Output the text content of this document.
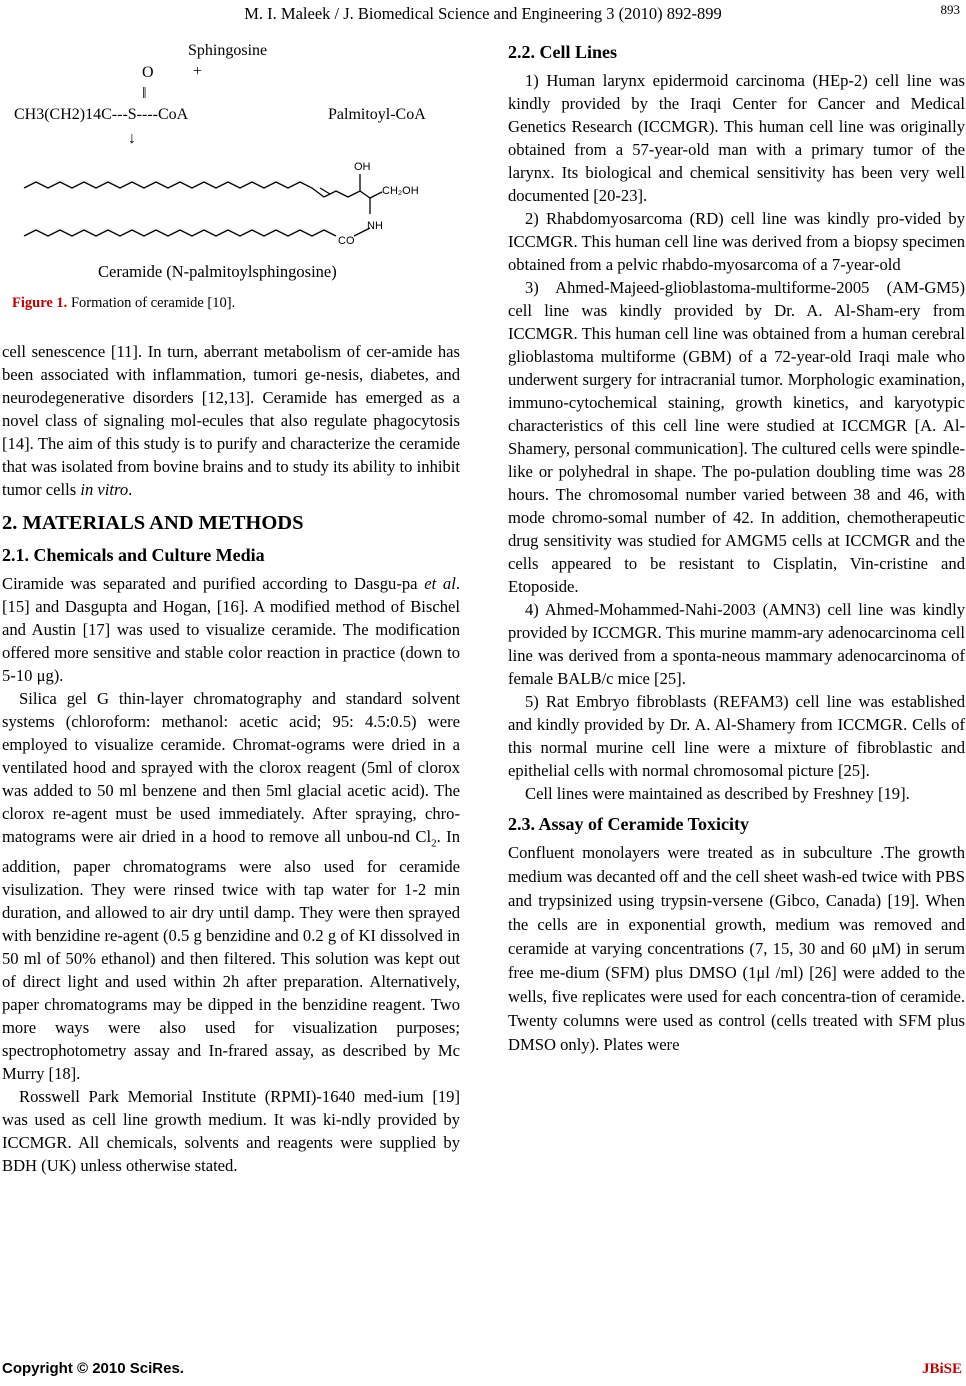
M. I. Maleek / J. Biomedical Science and Engineering 3 (2010) 892-899	893
Sphingosine
O +
‖
CH3(CH2)14C---S----CoA	Palmitoyl-CoA
↓
OH
CH₂OH
NH
CO
Ceramide (N-palmitoylsphingosine)
Figure 1. Formation of ceramide [10].

cell senescence [11]. In turn, aberrant metabolism of cer-amide has been associated with inflammation, tumori ge-nesis, diabetes, and neurodegenerative disorders [12,13]. Ceramide has emerged as a novel class of signaling mol-ecules that also regulate phagocytosis [14]. The aim of this study is to purify and characterize the ceramide that was isolated from bovine brains and to study its ability to inhibit tumor cells in vitro.

2. MATERIALS AND METHODS
2.1. Chemicals and Culture Media

Ciramide was separated and purified according to Dasgu-pa et al. [15] and Dasgupta and Hogan, [16]. A modified method of Bischel and Austin [17] was used to visualize ceramide. The modification offered more sensitive and stable color reaction in practice (down to 5-10 μg).

Silica gel G thin-layer chromatography and standard solvent systems (chloroform: methanol: acetic acid; 95: 4.5:0.5) were employed to visualize ceramide. Chromat-ograms were dried in a ventilated hood and sprayed with the clorox reagent (5ml of clorox was added to 50 ml benzene and then 5ml glacial acetic acid). The clorox re-agent must be used immediately. After spraying, chro-matograms were air dried in a hood to remove all unbou-nd $Cl_2$. In addition, paper chromatograms were also used for ceramide visulization. They were rinsed twice with tap water for 1-2 min duration, and allowed to air dry until damp. They were then sprayed with benzidine re-agent (0.5 g benzidine and 0.2 g of KI dissolved in 50 ml of 50% ethanol) and then filtered. This solution was kept out of direct light and used within 2h after preparation. Alternatively, paper chromatograms may be dipped in the benzidine reagent. Two more ways were also used for visualization purposes; spectrophotometry assay and In-frared assay, as described by Mc Murry [18].

Rosswell Park Memorial Institute (RPMI)-1640 med-ium [19] was used as cell line growth medium. It was ki-ndly provided by ICCMGR. All chemicals, solvents and reagents were supplied by BDH (UK) unless otherwise stated.

2.2. Cell Lines

1) Human larynx epidermoid carcinoma (HEp-2) cell line was kindly provided by the Iraqi Center for Cancer and Medical Genetics Research (ICCMGR). This human cell line was originally obtained from a 57-year-old man with a primary tumor of the larynx. Its biological and chemical sensitivity has been very well documented [20-23].

2) Rhabdomyosarcoma (RD) cell line was kindly pro-vided by ICCMGR. This human cell line was derived from a biopsy specimen obtained from a pelvic rhabdo-myosarcoma of a 7-year-old

3) Ahmed-Majeed-glioblastoma-multiforme-2005 (AM-GM5) cell line was kindly provided by Dr. A. Al-Sham-ery from ICCMGR. This human cell line was obtained from a human cerebral glioblastoma multiforme (GBM) of a 72-year-old Iraqi male who underwent surgery for intracranial tumor. Morphologic examination, immuno-cytochemical staining, growth kinetics, and karyotypic characteristics of this cell line were studied at ICCMGR [A. Al-Shamery, personal communication]. The cultured cells were spindle-like or polyhedral in shape. The po-pulation doubling time was 28 hours. The chromosomal number varied between 38 and 46, with mode chromo-somal number of 42. In addition, chemotherapeutic drug sensitivity was studied for AMGM5 cells at ICCMGR and the cells appeared to be resistant to Cisplatin, Vin-cristine and Etoposide.

4) Ahmed-Mohammed-Nahi-2003 (AMN3) cell line was kindly provided by ICCMGR. This murine mamm-ary adenocarcinoma cell line was derived from a sponta-neous mammary adenocarcinoma of female BALB/c mice [25].

5) Rat Embryo fibroblasts (REFAM3) cell line was established and kindly provided by Dr. A. Al-Shamery from ICCMGR. Cells of this normal murine cell line were a mixture of fibroblastic and epithelial cells with normal chromosomal picture [25].

Cell lines were maintained as described by Freshney [19].

2.3. Assay of Ceramide Toxicity

Confluent monolayers were treated as in subculture .The growth medium was decanted off and the cell sheet wash-ed twice with PBS and trypsinized using trypsin-versene (Gibco, Canada) [19]. When the cells are in exponential growth, medium was removed and ceramide at varying concentrations (7, 15, 30 and 60 μM) in serum free me-dium (SFM) plus DMSO (1μl /ml) [26] were added to the wells, five replicates were used for each concentra-tion of ceramide. Twenty columns were used as control (cells treated with SFM plus DMSO only). Plates were

Copyright © 2010 SciRes.	JBiSE
